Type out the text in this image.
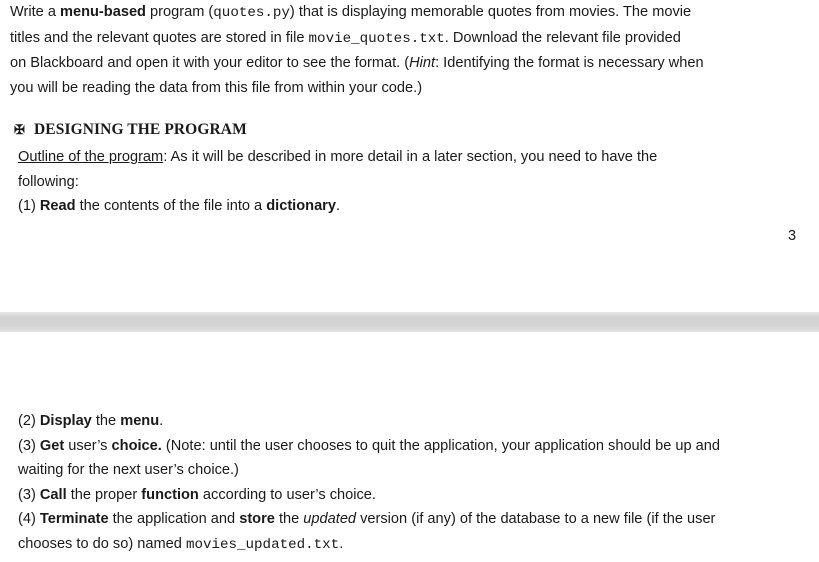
Write a menu-based program (quotes.py) that is displaying memorable quotes from movies. The movie
titles and the relevant quotes are stored in file movie_quotes.txt. Download the relevant file provided
on Blackboard and open it with your editor to see the format. (Hint: Identifying the format is necessary when
you will be reading the data from this file from within your code.)
✠ DESIGNING THE PROGRAM
Outline of the program: As it will be described in more detail in a later section, you need to have the
following:
(1) Read the contents of the file into a dictionary.
3
(2) Display the menu.
(3) Get user’s choice. (Note: until the user chooses to quit the application, your application should be up and
waiting for the next user’s choice.)
(3) Call the proper function according to user’s choice.
(4) Terminate the application and store the updated version (if any) of the database to a new file (if the user
chooses to do so) named movies_updated.txt.
